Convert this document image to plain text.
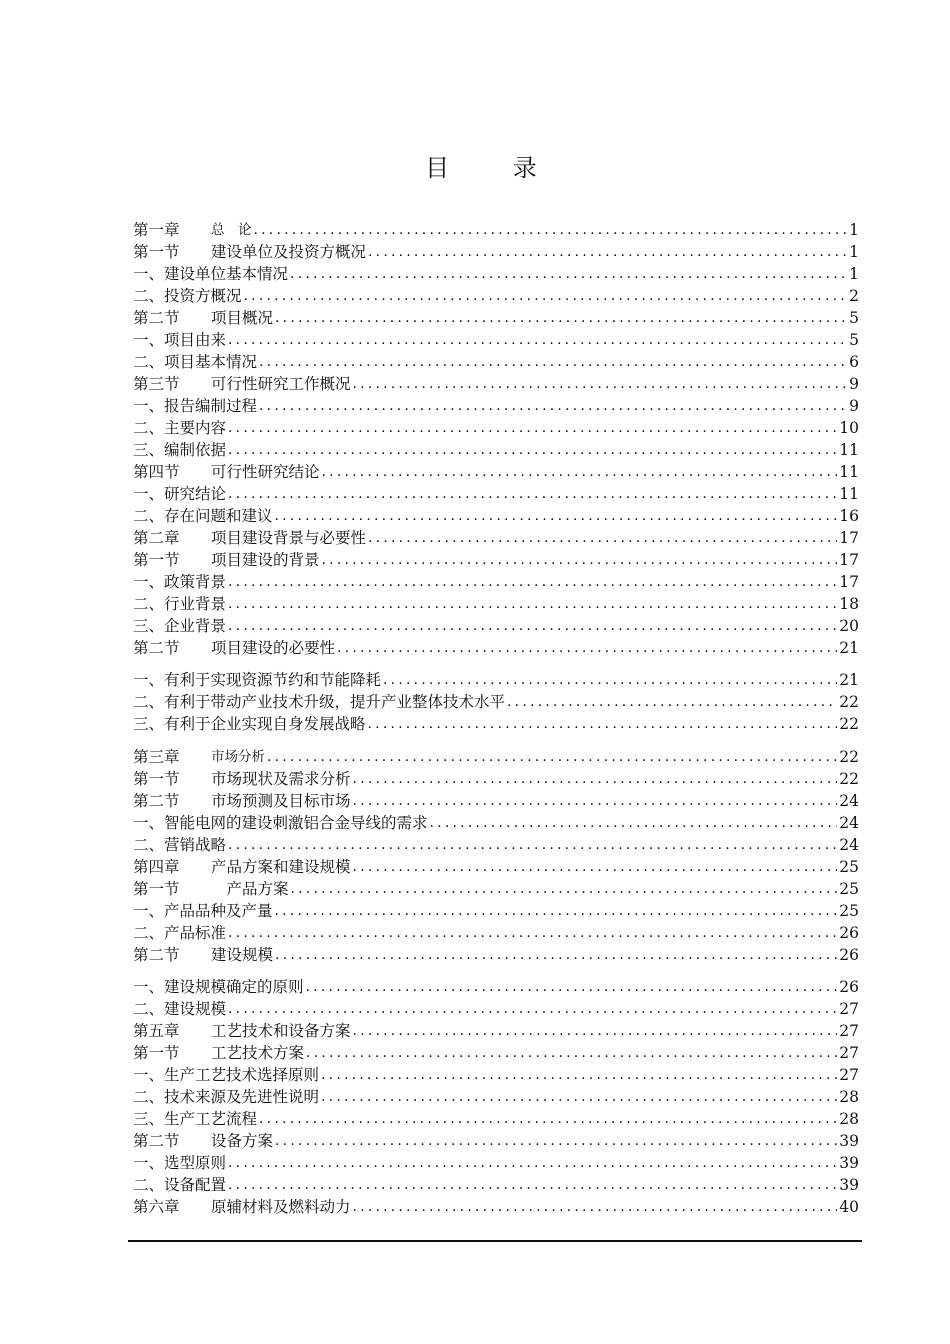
目 录
第一章	总　论 .....	1
第一节	建设单位及投资方概况 .....	1
一、 建设单位基本情况 .....	1
二、 投资方概况 .....	2
第二节	项目概况 .....	5
一、 项目由来 .....	5
二、 项目基本情况 .....	6
第三节	可行性研究工作概况 .....	9
一、 报告编制过程 .....	9
二、 主要内容 .....	10
三、 编制依据 .....	11
第四节	可行性研究结论 .....	11
一、 研究结论 .....	11
二、 存在问题和建议 .....	16
第二章	项目建设背景与必要性 .....	17
第一节	项目建设的背景 .....	17
一、 政策背景 .....	17
二、 行业背景 .....	18
三、 企业背景 .....	20
第二节	项目建设的必要性 .....	21
一、 有利于实现资源节约和节能降耗 .....	21
二、 有利于带动产业技术升级，提升产业整体技术水平 .....	22
三、 有利于企业实现自身发展战略 .....	22
第三章	市场分析 .....	22
第一节	市场现状及需求分析 .....	22
第二节	市场预测及目标市场 .....	24
一、 智能电网的建设刺激铝合金导线的需求 .....	24
二、 营销战略 .....	24
第四章	产品方案和建设规模 .....	25
第一节	　产品方案 .....	25
一、 产品品种及产量 .....	25
二、 产品标准 .....	26
第二节	建设规模 .....	26
一、 建设规模确定的原则 .....	26
二、 建设规模 .....	27
第五章	工艺技术和设备方案 .....	27
第一节	工艺技术方案 .....	27
一、 生产工艺技术选择原则 .....	27
二、 技术来源及先进性说明 .....	28
三、 生产工艺流程 .....	28
第二节	设备方案 .....	39
一、 选型原则 .....	39
二、 设备配置 .....	39
第六章	原辅材料及燃料动力 .....	40
